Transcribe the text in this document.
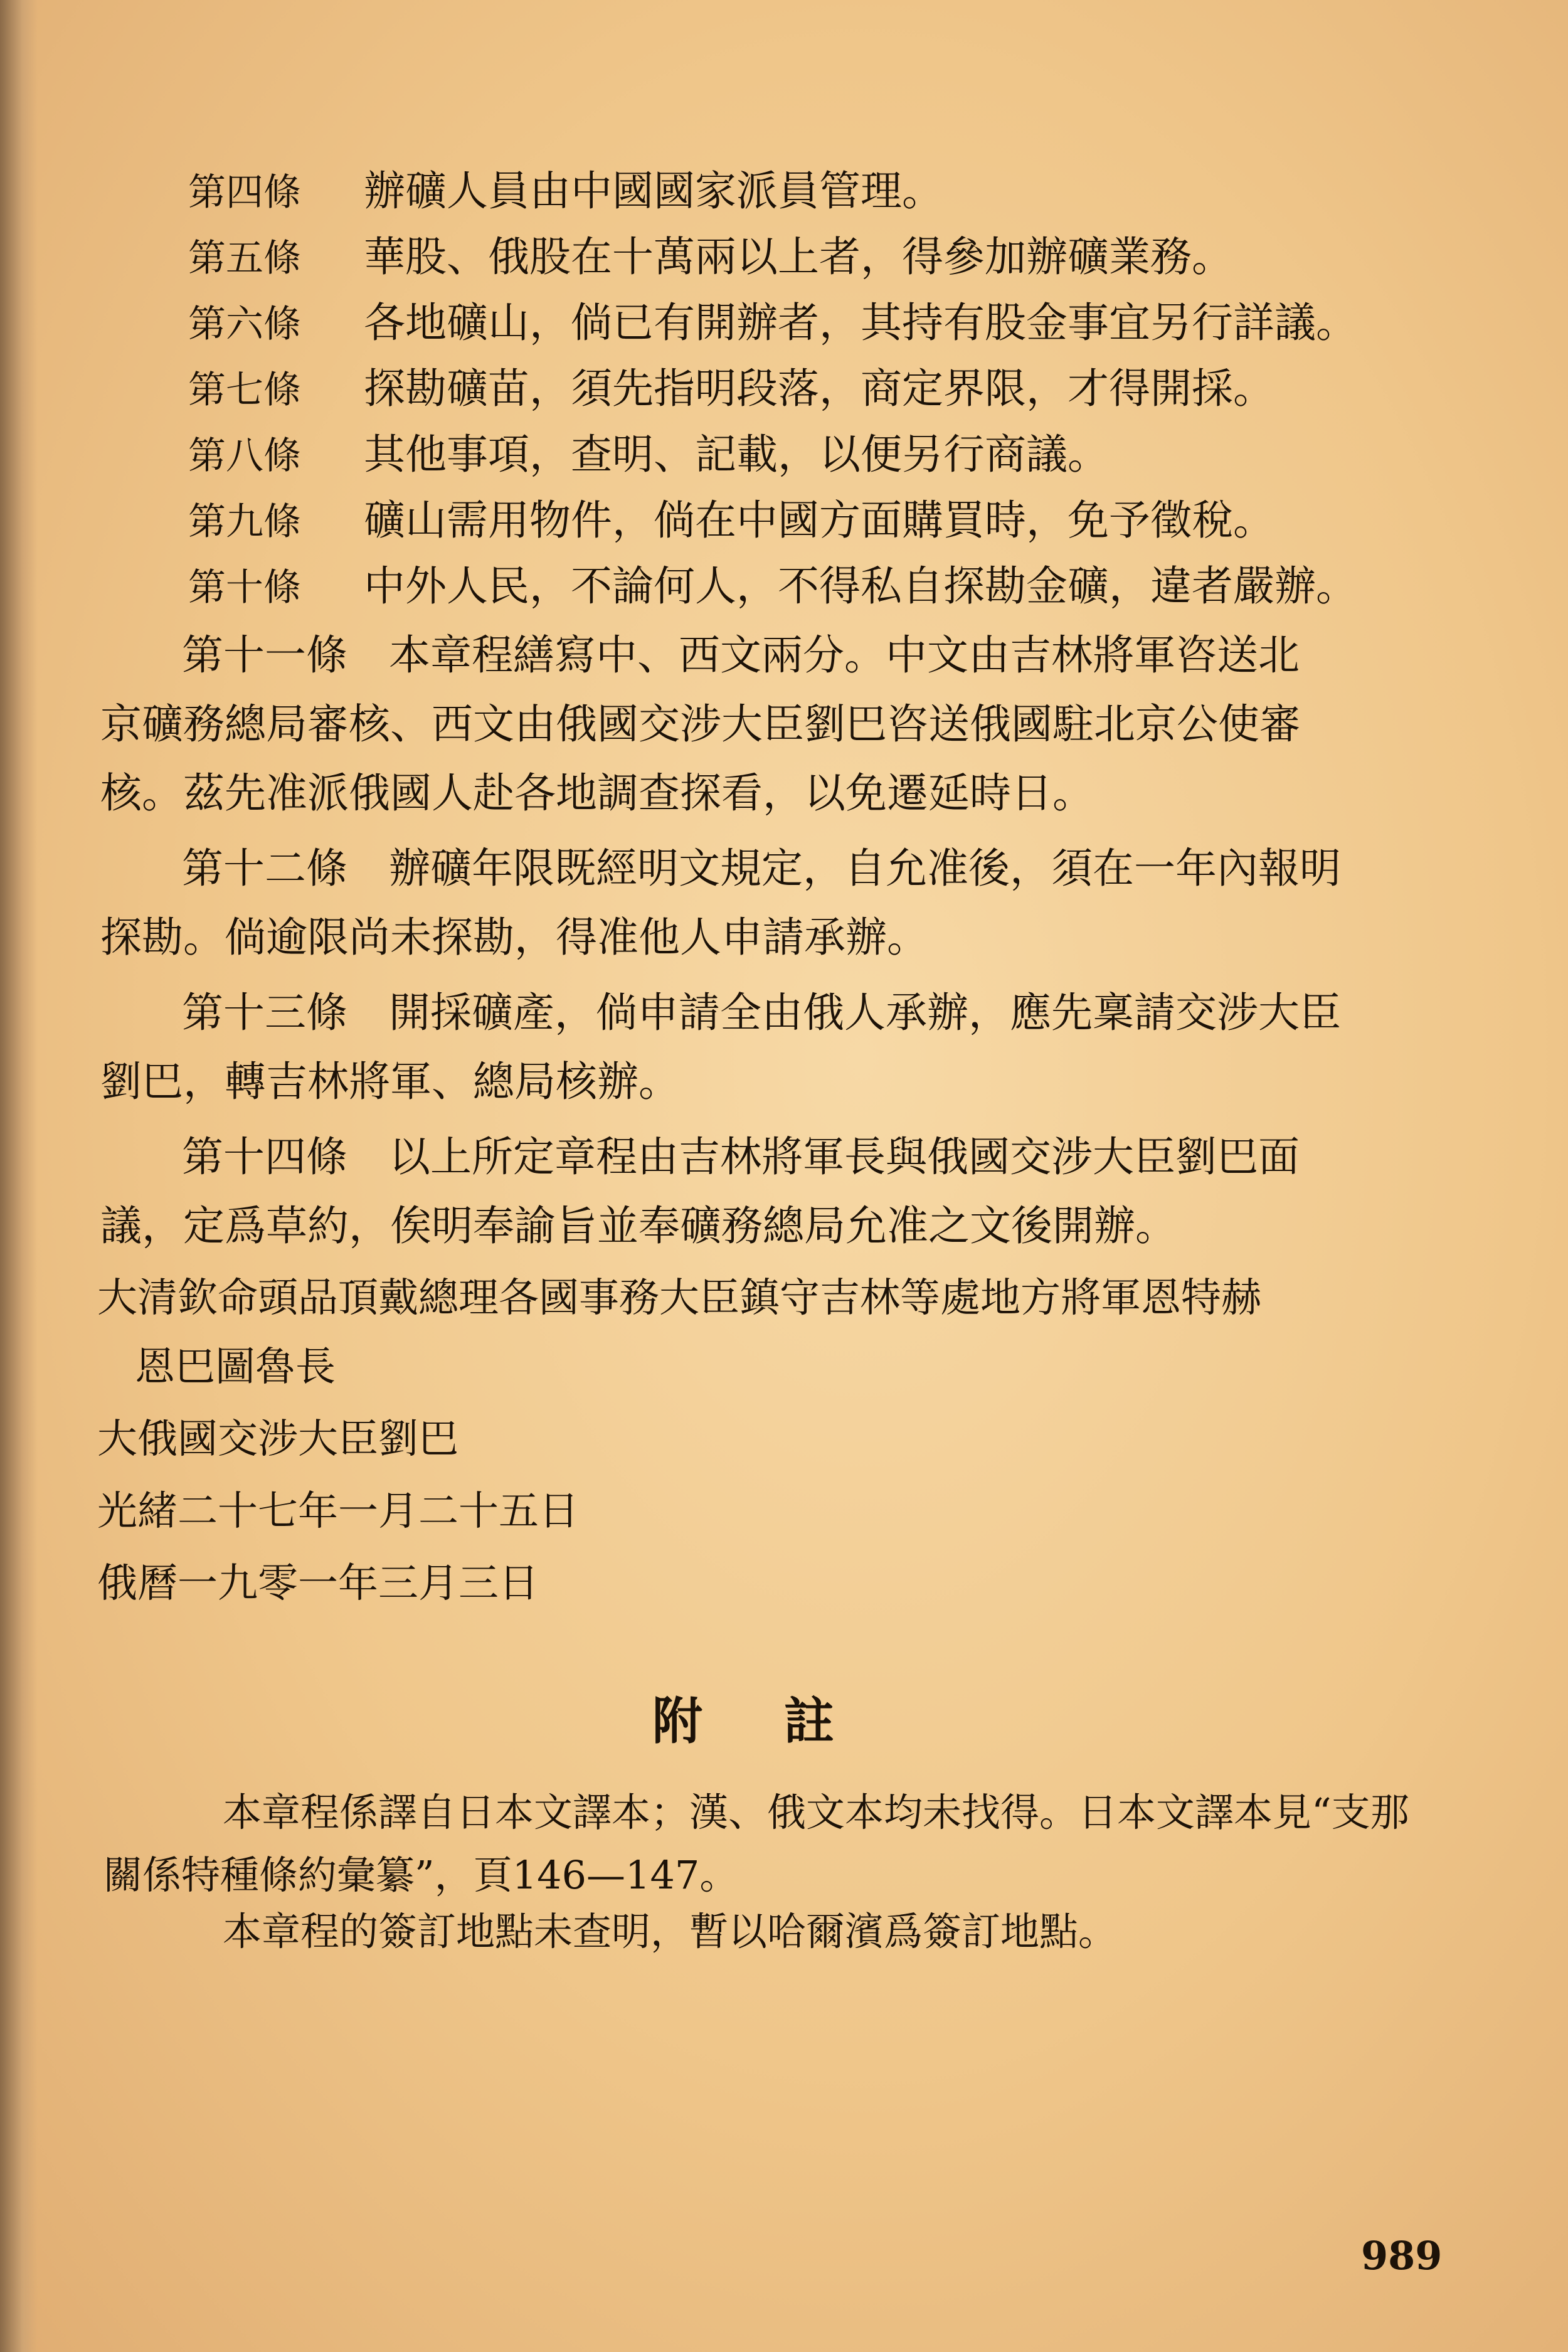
第四條 辦礦人員由中國國家派員管理。
第五條 華股、俄股在十萬兩以上者，得參加辦礦業務。
第六條 各地礦山，倘已有開辦者，其持有股金事宜另行詳議。
第七條 探勘礦苗，須先指明段落，商定界限，才得開採。
第八條 其他事項，查明、記載，以便另行商議。
第九條 礦山需用物件，倘在中國方面購買時，免予徵稅。
第十條 中外人民，不論何人，不得私自探勘金礦，違者嚴辦。

第十一條　本章程繕寫中、西文兩分。中文由吉林將軍咨送北

京礦務總局審核、西文由俄國交涉大臣劉巴咨送俄國駐北京公使審

核。茲先准派俄國人赴各地調查探看，以免遷延時日。

第十二條　辦礦年限既經明文規定，自允准後，須在一年內報明

探勘。倘逾限尚未探勘，得准他人申請承辦。

第十三條　開採礦產，倘申請全由俄人承辦，應先稟請交涉大臣

劉巴，轉吉林將軍、總局核辦。

第十四條　以上所定章程由吉林將軍長與俄國交涉大臣劉巴面

議，定爲草約，俟明奉諭旨並奉礦務總局允准之文後開辦。

大清欽命頭品頂戴總理各國事務大臣鎮守吉林等處地方將軍恩特赫
恩巴圖魯長
大俄國交涉大臣劉巴
光緒二十七年一月二十五日
俄曆一九零一年三月三日
附註

本章程係譯自日本文譯本；漢、俄文本均未找得。日本文譯本見“支那

關係特種條約彙纂”，頁146—147。

本章程的簽訂地點未查明，暫以哈爾濱爲簽訂地點。

989
